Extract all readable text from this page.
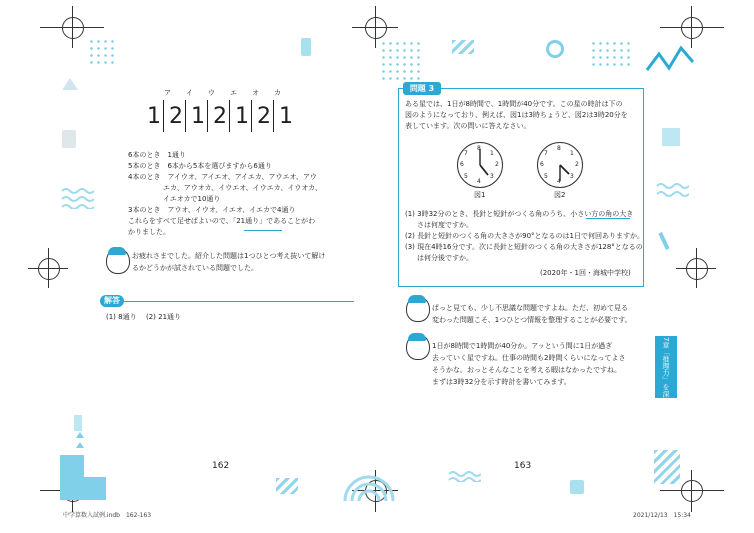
ア イ ウ エ オ カ
1 2 1 2 1 2 1
6本のとき　1通り
5本のとき　6本から5本を選びますから6通り
4本のとき　アイウオ、アイエオ、アイエカ、アウエオ、アウ
エカ、アウオカ、イウエオ、イウエカ、イウオカ、
イエオカで10通り
3本のとき　アウオ、イウオ、イエオ、イエカで4通り
これらをすべて足せばよいので、「21通り」であることがわ
かりました。
お疲れさまでした。紹介した問題は1つひとつ考え抜いて解け
るかどうかが試されている問題でした。
解答
(1) 8通り (2) 21通り
162
問題 3
ある星では、1日が8時間で、1時間が40分です。この星の時計は下の
図のようになっており、例えば、図1は3時ちょうど、図2は3時20分を
表しています。次の問いに答えなさい。
8
1
2
3
4
5
6
7
図1
8
1
2
3
4
5
6
7
図2
(1) 3時32分のとき、長針と短針がつくる角のうち、小さい方の角の大き
さは何度ですか。
(2) 長針と短針のつくる角の大きさが90°となるのは1日で何回ありますか。
(3) 現在4時16分です。次に長針と短針のつくる角の大きさが128°となるの
は何分後ですか。
(2020年・1回・海城中学校)
ぱっと見ても、少し不思議な問題ですよね。ただ、初めて見る
変わった問題こそ、1つひとつ情報を整理することが必要です。
1日が8時間で1時間が40分か。アッという間に1日が過ぎ
去っていく星ですね。仕事の時間も2時間くらいになってよさ
そうかな。おっとそんなことを考える暇はなかったですね。
まずは3時32分を示す時計を書いてみます。	7章「推理力」を深めよう
163
中学算数入試例.indb　162-163	2021/12/13　15:34
